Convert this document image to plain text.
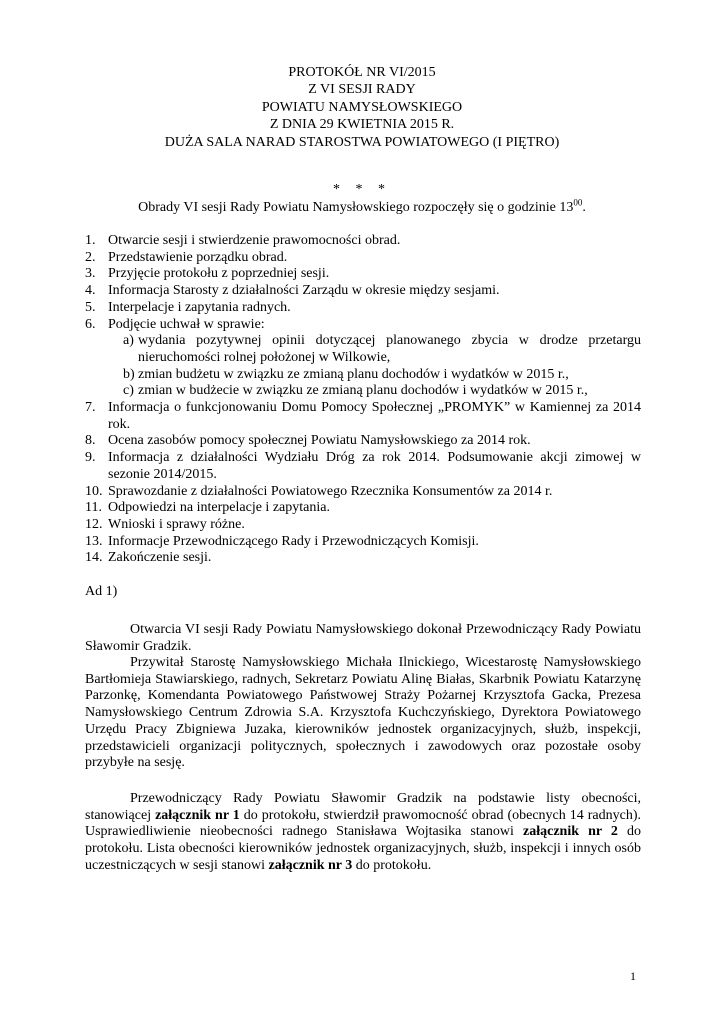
PROTOKÓŁ NR VI/2015
Z VI SESJI RADY
POWIATU NAMYSŁOWSKIEGO
Z DNIA 29 KWIETNIA 2015 R.
DUŻA SALA NARAD STAROSTWA POWIATOWEGO (I PIĘTRO)
* * *
Obrady VI sesji Rady Powiatu Namysłowskiego rozpoczęły się o godzinie $13^{00}$.
1. Otwarcie sesji i stwierdzenie prawomocności obrad.
2. Przedstawienie porządku obrad.
3. Przyjęcie protokołu z poprzedniej sesji.
4. Informacja Starosty z działalności Zarządu w okresie między sesjami.
5. Interpelacje i zapytania radnych.
6. Podjęcie uchwał w sprawie:
a) wydania pozytywnej opinii dotyczącej planowanego zbycia w drodze przetargu nieruchomości rolnej położonej w Wilkowie,
b) zmian budżetu w związku ze zmianą planu dochodów i wydatków w 2015 r.,
c) zmian w budżecie w związku ze zmianą planu dochodów i wydatków w 2015 r.,
7. Informacja o funkcjonowaniu Domu Pomocy Społecznej „PROMYK” w Kamiennej za 2014 rok.
8. Ocena zasobów pomocy społecznej Powiatu Namysłowskiego za 2014 rok.
9. Informacja z działalności Wydziału Dróg za rok 2014. Podsumowanie akcji zimowej w sezonie 2014/2015.
10. Sprawozdanie z działalności Powiatowego Rzecznika Konsumentów za 2014 r.
11. Odpowiedzi na interpelacje i zapytania.
12. Wnioski i sprawy różne.
13. Informacje Przewodniczącego Rady i Przewodniczących Komisji.
14. Zakończenie sesji.
Ad 1)

Otwarcia VI sesji Rady Powiatu Namysłowskiego dokonał Przewodniczący Rady Powiatu Sławomir Gradzik.

Przywitał Starostę Namysłowskiego Michała Ilnickiego, Wicestarostę Namysłowskiego Bartłomieja Stawiarskiego, radnych, Sekretarz Powiatu Alinę Białas, Skarbnik Powiatu Katarzynę Parzonkę, Komendanta Powiatowego Państwowej Straży Pożarnej Krzysztofa Gacka, Prezesa Namysłowskiego Centrum Zdrowia S.A. Krzysztofa Kuchczyńskiego, Dyrektora Powiatowego Urzędu Pracy Zbigniewa Juzaka, kierowników jednostek organizacyjnych, służb, inspekcji, przedstawicieli organizacji politycznych, społecznych i zawodowych oraz pozostałe osoby przybyłe na sesję.

Przewodniczący Rady Powiatu Sławomir Gradzik na podstawie listy obecności, stanowiącej załącznik nr 1 do protokołu, stwierdził prawomocność obrad (obecnych 14 radnych). Usprawiedliwienie nieobecności radnego Stanisława Wojtasika stanowi załącznik nr 2 do protokołu. Lista obecności kierowników jednostek organizacyjnych, służb, inspekcji i innych osób uczestniczących w sesji stanowi załącznik nr 3 do protokołu.

1
